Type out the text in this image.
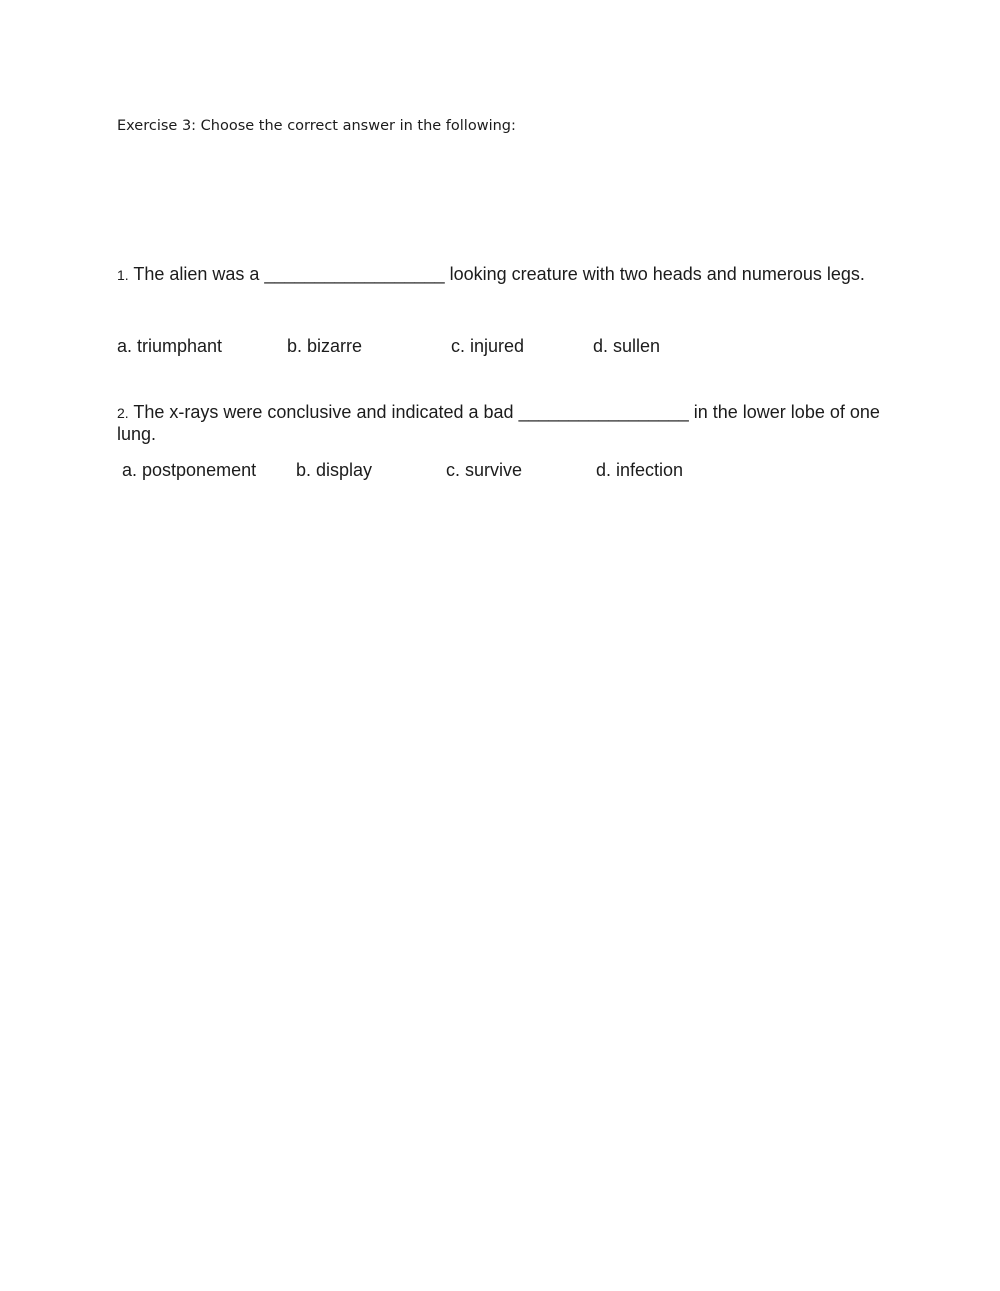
Exercise 3: Choose the correct answer in the following:
1. The alien was a __________________ looking creature with two heads and numerous legs.
a. triumphant	b. bizarre	c. injured	d. sullen
2. The x-rays were conclusive and indicated a bad _________________ in the lower lobe of one lung.
a. postponement b. display	c. survive	d. infection
